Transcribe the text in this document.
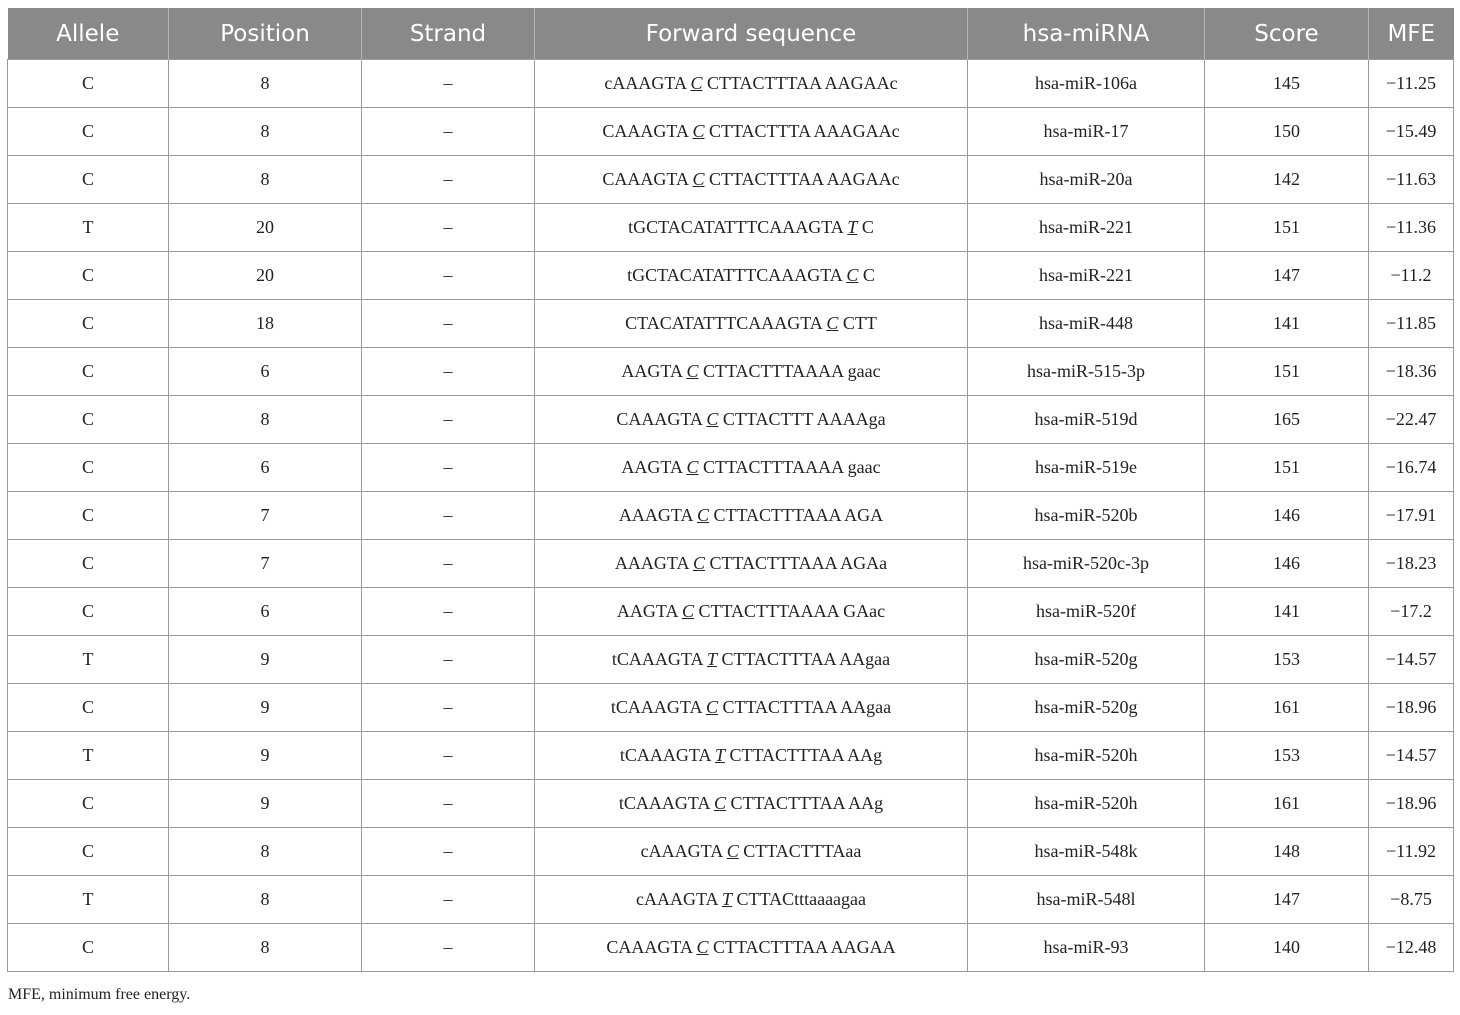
Allele	Position	Strand	Forward sequence	hsa-miRNA	Score	MFE
C	8	–	cAAAGTA C CTTACTTTAA AAGAAc	hsa-miR-106a	145	−11.25
C	8	–	CAAAGTA C CTTACTTTA AAAGAAc	hsa-miR-17	150	−15.49
C	8	–	CAAAGTA C CTTACTTTAA AAGAAc	hsa-miR-20a	142	−11.63
T	20	–	tGCTACATATTTCAAAGTA T C	hsa-miR-221	151	−11.36
C	20	–	tGCTACATATTTCAAAGTA C C	hsa-miR-221	147	−11.2
C	18	–	CTACATATTTCAAAGTA C CTT	hsa-miR-448	141	−11.85
C	6	–	AAGTA C CTTACTTTAAAA gaac	hsa-miR-515-3p	151	−18.36
C	8	–	CAAAGTA C CTTACTTT AAAAga	hsa-miR-519d	165	−22.47
C	6	–	AAGTA C CTTACTTTAAAA gaac	hsa-miR-519e	151	−16.74
C	7	–	AAAGTA C CTTACTTTAAA AGA	hsa-miR-520b	146	−17.91
C	7	–	AAAGTA C CTTACTTTAAA AGAa	hsa-miR-520c-3p	146	−18.23
C	6	–	AAGTA C CTTACTTTAAAA GAac	hsa-miR-520f	141	−17.2
T	9	–	tCAAAGTA T CTTACTTTAA AAgaa	hsa-miR-520g	153	−14.57
C	9	–	tCAAAGTA C CTTACTTTAA AAgaa	hsa-miR-520g	161	−18.96
T	9	–	tCAAAGTA T CTTACTTTAA AAg	hsa-miR-520h	153	−14.57
C	9	–	tCAAAGTA C CTTACTTTAA AAg	hsa-miR-520h	161	−18.96
C	8	–	cAAAGTA C CTTACTTTAaa	hsa-miR-548k	148	−11.92
T	8	–	cAAAGTA T CTTACtttaaaagaa	hsa-miR-548l	147	−8.75
C	8	–	CAAAGTA C CTTACTTTAA AAGAA	hsa-miR-93	140	−12.48
MFE, minimum free energy.
